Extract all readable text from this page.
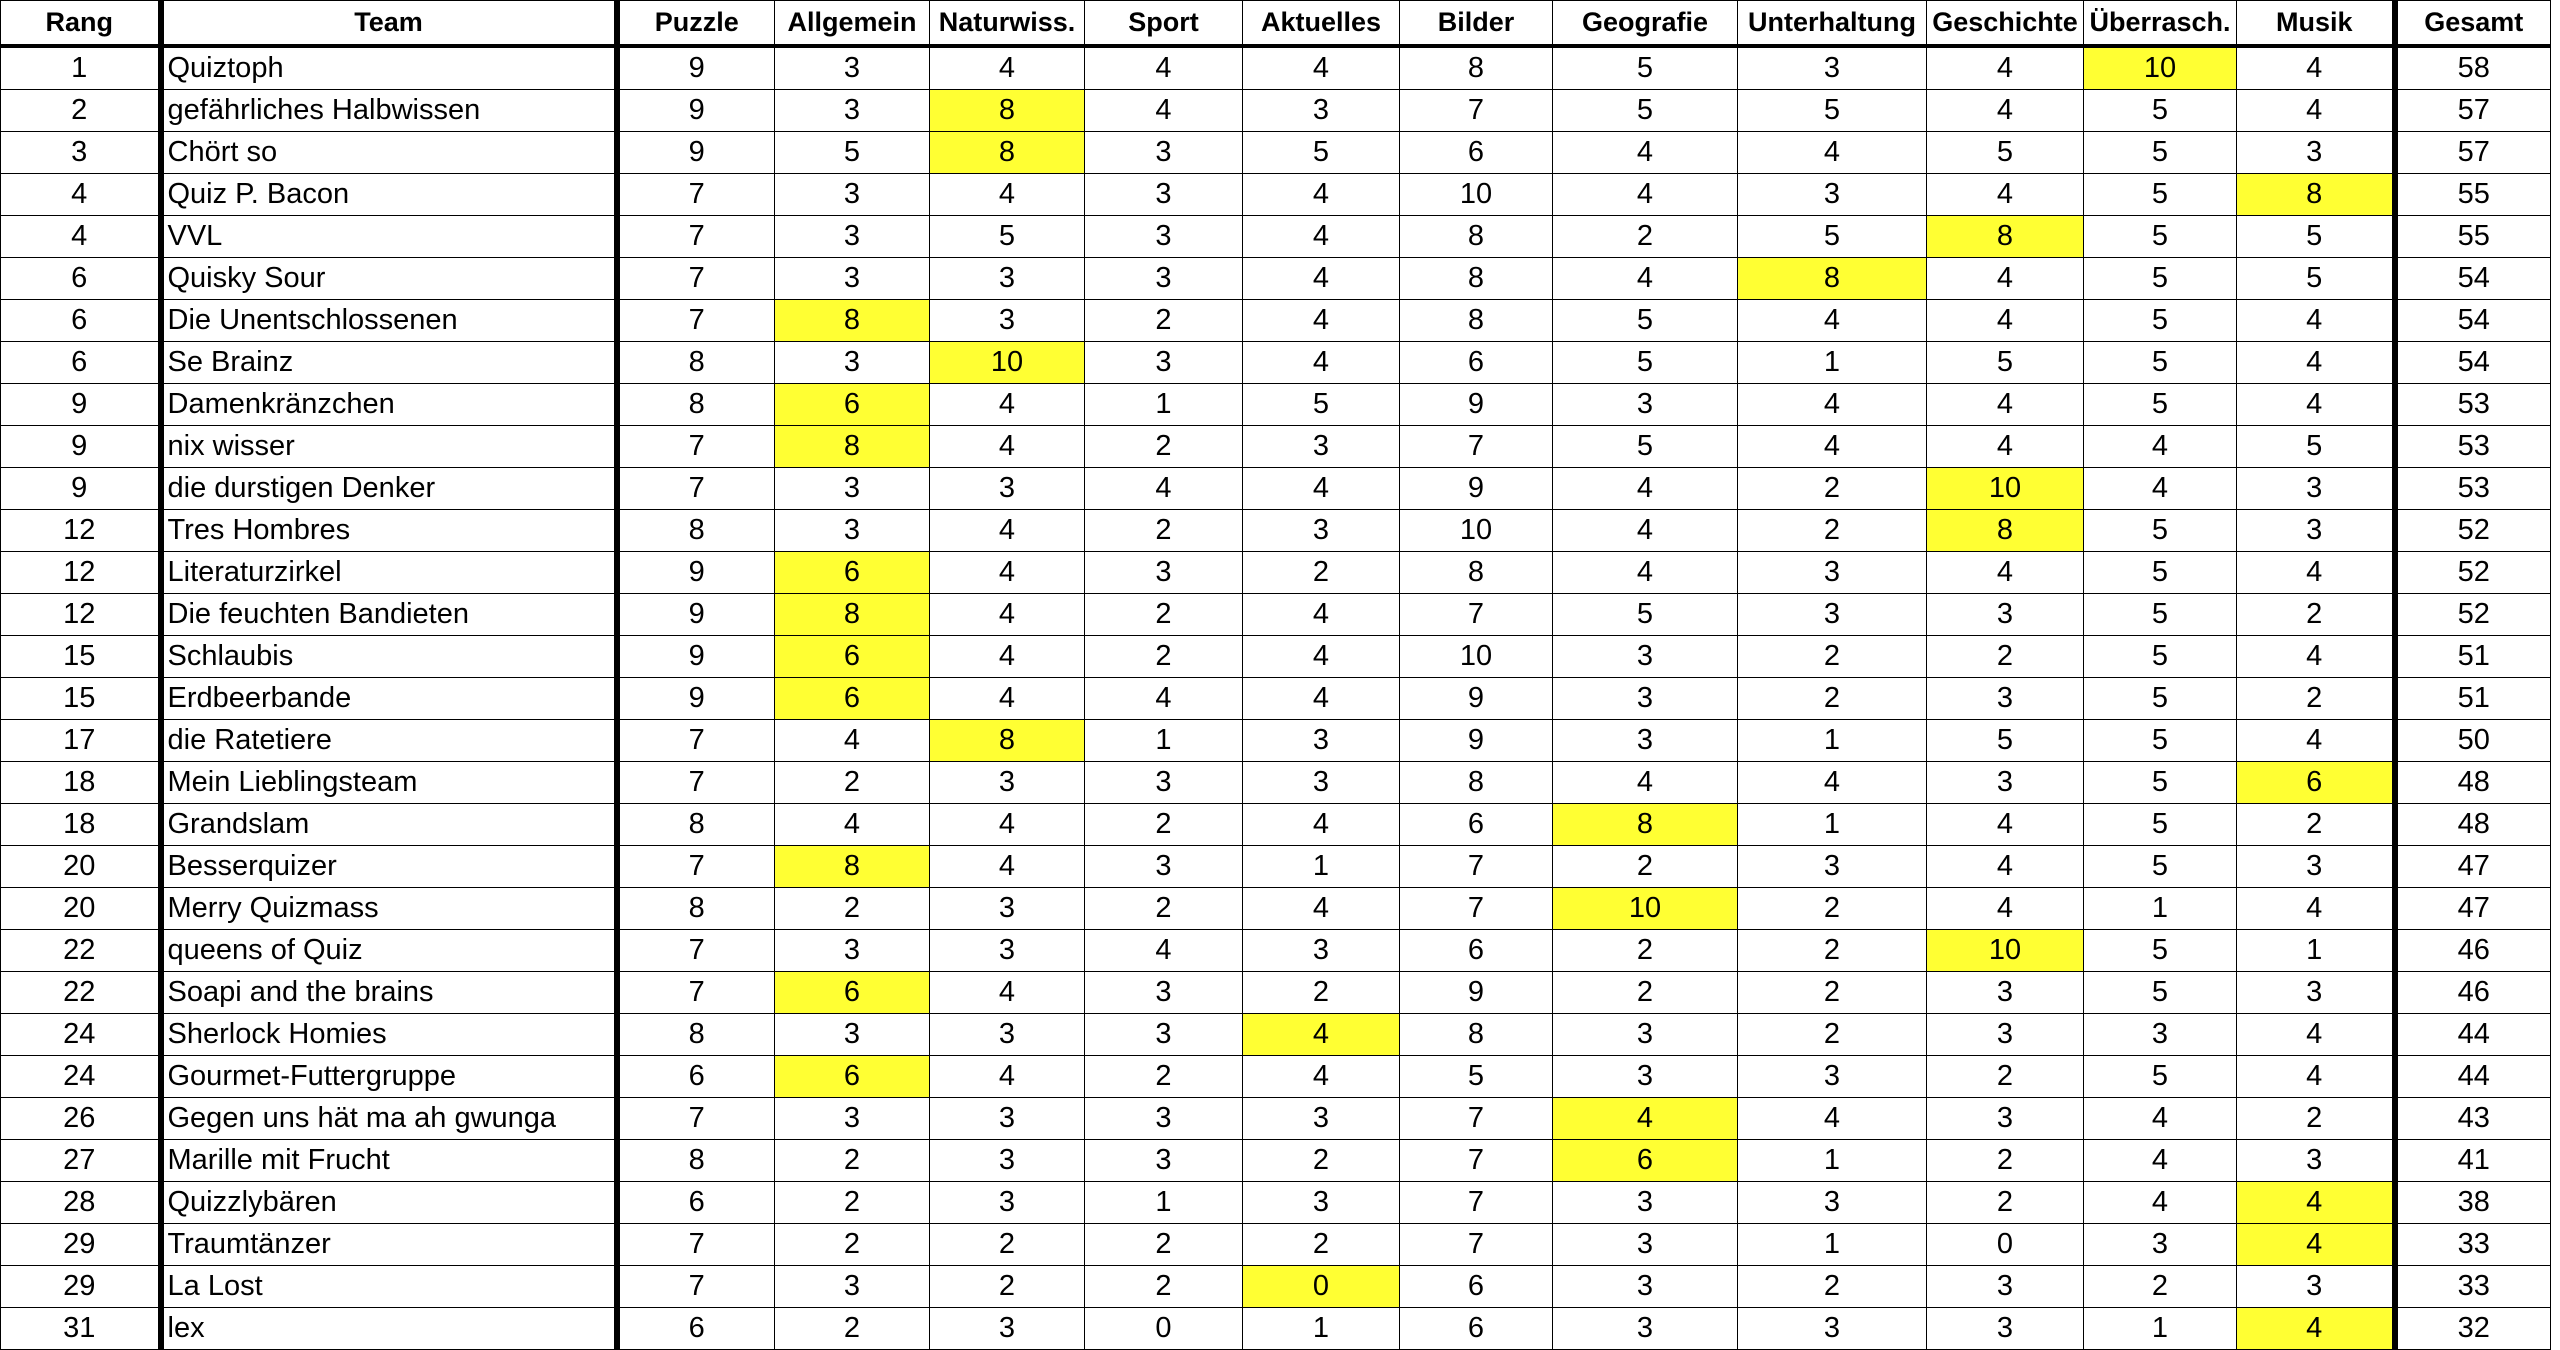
Rang	Team	Puzzle	Allgemein	Naturwiss.	Sport	Aktuelles	Bilder	Geografie	Unterhaltung	Geschichte	Überrasch.	Musik	Gesamt
1	Quiztoph	9	3	4	4	4	8	5	3	4	10	4	58
2	gefährliches Halbwissen	9	3	8	4	3	7	5	5	4	5	4	57
3	Chört so	9	5	8	3	5	6	4	4	5	5	3	57
4	Quiz P. Bacon	7	3	4	3	4	10	4	3	4	5	8	55
4	VVL	7	3	5	3	4	8	2	5	8	5	5	55
6	Quisky Sour	7	3	3	3	4	8	4	8	4	5	5	54
6	Die Unentschlossenen	7	8	3	2	4	8	5	4	4	5	4	54
6	Se Brainz	8	3	10	3	4	6	5	1	5	5	4	54
9	Damenkränzchen	8	6	4	1	5	9	3	4	4	5	4	53
9	nix wisser	7	8	4	2	3	7	5	4	4	4	5	53
9	die durstigen Denker	7	3	3	4	4	9	4	2	10	4	3	53
12	Tres Hombres	8	3	4	2	3	10	4	2	8	5	3	52
12	Literaturzirkel	9	6	4	3	2	8	4	3	4	5	4	52
12	Die feuchten Bandieten	9	8	4	2	4	7	5	3	3	5	2	52
15	Schlaubis	9	6	4	2	4	10	3	2	2	5	4	51
15	Erdbeerbande	9	6	4	4	4	9	3	2	3	5	2	51
17	die Ratetiere	7	4	8	1	3	9	3	1	5	5	4	50
18	Mein Lieblingsteam	7	2	3	3	3	8	4	4	3	5	6	48
18	Grandslam	8	4	4	2	4	6	8	1	4	5	2	48
20	Besserquizer	7	8	4	3	1	7	2	3	4	5	3	47
20	Merry Quizmass	8	2	3	2	4	7	10	2	4	1	4	47
22	queens of Quiz	7	3	3	4	3	6	2	2	10	5	1	46
22	Soapi and the brains	7	6	4	3	2	9	2	2	3	5	3	46
24	Sherlock Homies	8	3	3	3	4	8	3	2	3	3	4	44
24	Gourmet-Futtergruppe	6	6	4	2	4	5	3	3	2	5	4	44
26	Gegen uns hät ma ah gwunga	7	3	3	3	3	7	4	4	3	4	2	43
27	Marille mit Frucht	8	2	3	3	2	7	6	1	2	4	3	41
28	Quizzlybären	6	2	3	1	3	7	3	3	2	4	4	38
29	Traumtänzer	7	2	2	2	2	7	3	1	0	3	4	33
29	La Lost	7	3	2	2	0	6	3	2	3	2	3	33
31	lex	6	2	3	0	1	6	3	3	3	1	4	32
